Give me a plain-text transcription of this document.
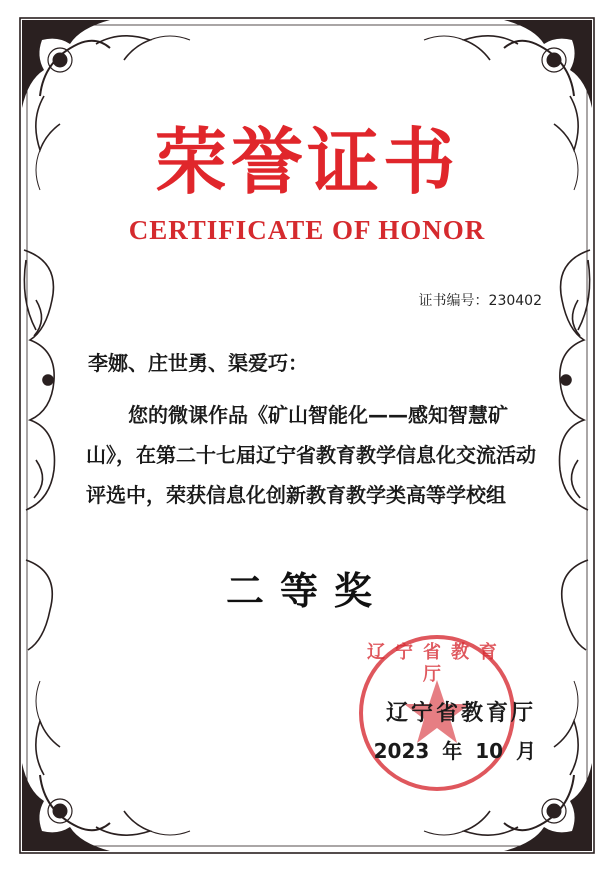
荣誉证书
CERTIFICATE OF HONOR
证书编号：230402
李娜、庄世勇、渠爱巧：
您的微课作品《矿山智能化——感知智慧矿山》，在第二十七届辽宁省教育教学信息化交流活动评选中，荣获信息化创新教育教学类高等学校组
二等奖
辽宁省教育厅
辽宁省教育厅
2023 年 10 月
